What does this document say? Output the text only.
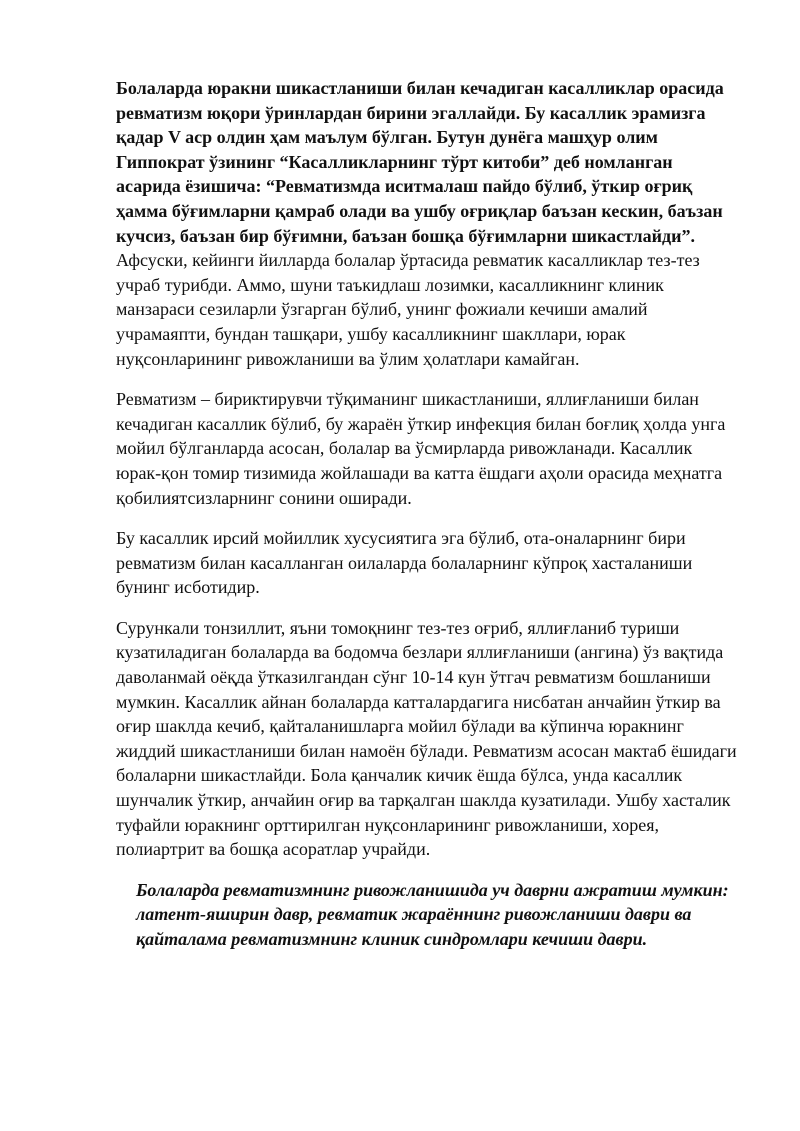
Болаларда юракни шикастланиши билан кечадиган касалликлар орасида ревматизм юқори ўринлардан бирини эгаллайди. Бу касаллик эрамизга қадар V аср олдин ҳам маълум бўлган. Бутун дунёга машҳур олим Гиппократ ўзининг “Касалликларнинг тўрт китоби” деб номланган асарида ёзишича: “Ревматизмда иситмалаш пайдо бўлиб, ўткир оғриқ ҳамма бўғимларни қамраб олади ва ушбу оғриқлар баъзан кескин, баъзан кучсиз, баъзан бир бўғимни, баъзан бошқа бўғимларни шикастлайди”.

Афсуски, кейинги йилларда болалар ўртасида ревматик касалликлар тез-тез учраб турибди. Аммо, шуни таъкидлаш лозимки, касалликнинг клиник манзараси сезиларли ўзгарган бўлиб, унинг фожиали кечиши амалий учрамаяпти, бундан ташқари, ушбу касалликнинг шакллари, юрак нуқсонларининг ривожланиши ва ўлим ҳолатлари камайган.

Ревматизм – бириктирувчи тўқиманинг шикастланиши, яллиғланиши билан кечадиган касаллик бўлиб, бу жараён ўткир инфекция билан боғлиқ ҳолда унга мойил бўлганларда асосан, болалар ва ўсмирларда ривожланади. Касаллик юрак-қон томир тизимида жойлашади ва катта ёшдаги аҳоли орасида меҳнатга қобилиятсизларнинг сонини оширади.

Бу касаллик ирсий мойиллик хусусиятига эга бўлиб, ота-оналарнинг бири ревматизм билан касалланган оилаларда болаларнинг кўпроқ хасталаниши бунинг исботидир.

Сурункали тонзиллит, яъни томоқнинг тез-тез оғриб, яллиғланиб туриши кузатиладиган болаларда ва бодомча безлари яллиғланиши (ангина) ўз вақтида даволанмай оёқда ўтказилгандан сўнг 10-14 кун ўтгач ревматизм бошланиши мумкин. Касаллик айнан болаларда катталардагига нисбатан анчайин ўткир ва оғир шаклда кечиб, қайталанишларга мойил бўлади ва кўпинча юракнинг жиддий шикастланиши билан намоён бўлади. Ревматизм асосан мактаб ёшидаги болаларни шикастлайди. Бола қанчалик кичик ёшда бўлса, унда касаллик шунчалик ўткир, анчайин оғир ва тарқалган шаклда кузатилади. Ушбу хасталик туфайли юракнинг орттирилган нуқсонларининг ривожланиши, хорея, полиартрит ва бошқа асоратлар учрайди.

Болаларда ревматизмнинг ривожланишида уч даврни ажратиш мумкин: латент-яширин давр, ревматик жараённинг ривожланиши даври ва қайталама ревматизмнинг клиник синдромлари кечиши даври.
